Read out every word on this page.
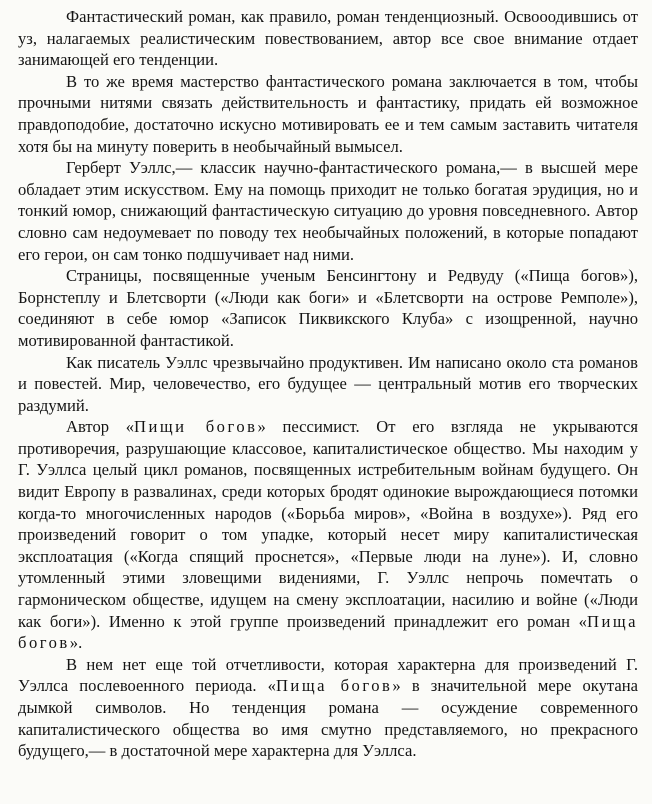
Фантастический роман, как правило, роман тенденциозный. Освооодившись от уз, налагаемых реалистическим повествованием, автор все свое внимание отдает занимающей его тенденции.

В то же время мастерство фантастического романа заключается в том, чтобы прочными нитями связать действительность и фантастику, придать ей возможное правдоподобие, достаточно искусно мотивировать ее и тем самым заставить читателя хотя бы на минуту поверить в необычайный вымысел.

Герберт Уэллс,— классик научно-фантастического романа,— в высшей мере обладает этим искусством. Ему на помощь приходит не только богатая эрудиция, но и тонкий юмор, снижающий фантастическую ситуацию до уровня повседневного. Автор словно сам недоумевает по поводу тех необычайных положений, в которые попадают его герои, он сам тонко подшучивает над ними.

Страницы, посвященные ученым Бенсингтону и Редвуду («Пища богов»), Борнстеплу и Блетсворти («Люди как боги» и «Блетсворти на острове Ремполе»), соединяют в себе юмор «Записок Пиквикского Клуба» с изощренной, научно мотивированной фантастикой.

Как писатель Уэллс чрезвычайно продуктивен. Им написано около ста романов и повестей. Мир, человечество, его будущее — центральный мотив его творческих раздумий.

Автор «Пищи богов» пессимист. От его взгляда не укрываются противоречия, разрушающие классовое, капиталистическое общество. Мы находим у Г. Уэллса целый цикл романов, посвященных истребительным войнам будущего. Он видит Европу в развалинах, среди которых бродят одинокие вырождающиеся потомки когда-то многочисленных народов («Борьба миров», «Война в воздухе»). Ряд его произведений говорит о том упадке, который несет миру капиталистическая эксплоатация («Когда спящий проснется», «Первые люди на луне»). И, словно утомленный этими зловещими видениями, Г. Уэллс непрочь помечтать о гармоническом обществе, идущем на смену эксплоатации, насилию и войне («Люди как боги»). Именно к этой группе произведений принадлежит его роман «Пища богов».

В нем нет еще той отчетливости, которая характерна для произведений Г. Уэллса послевоенного периода. «Пища богов» в значительной мере окутана дымкой символов. Но тенденция романа — осуждение современного капиталистического общества во имя смутно представляемого, но прекрасного будущего,— в достаточной мере характерна для Уэллса.
